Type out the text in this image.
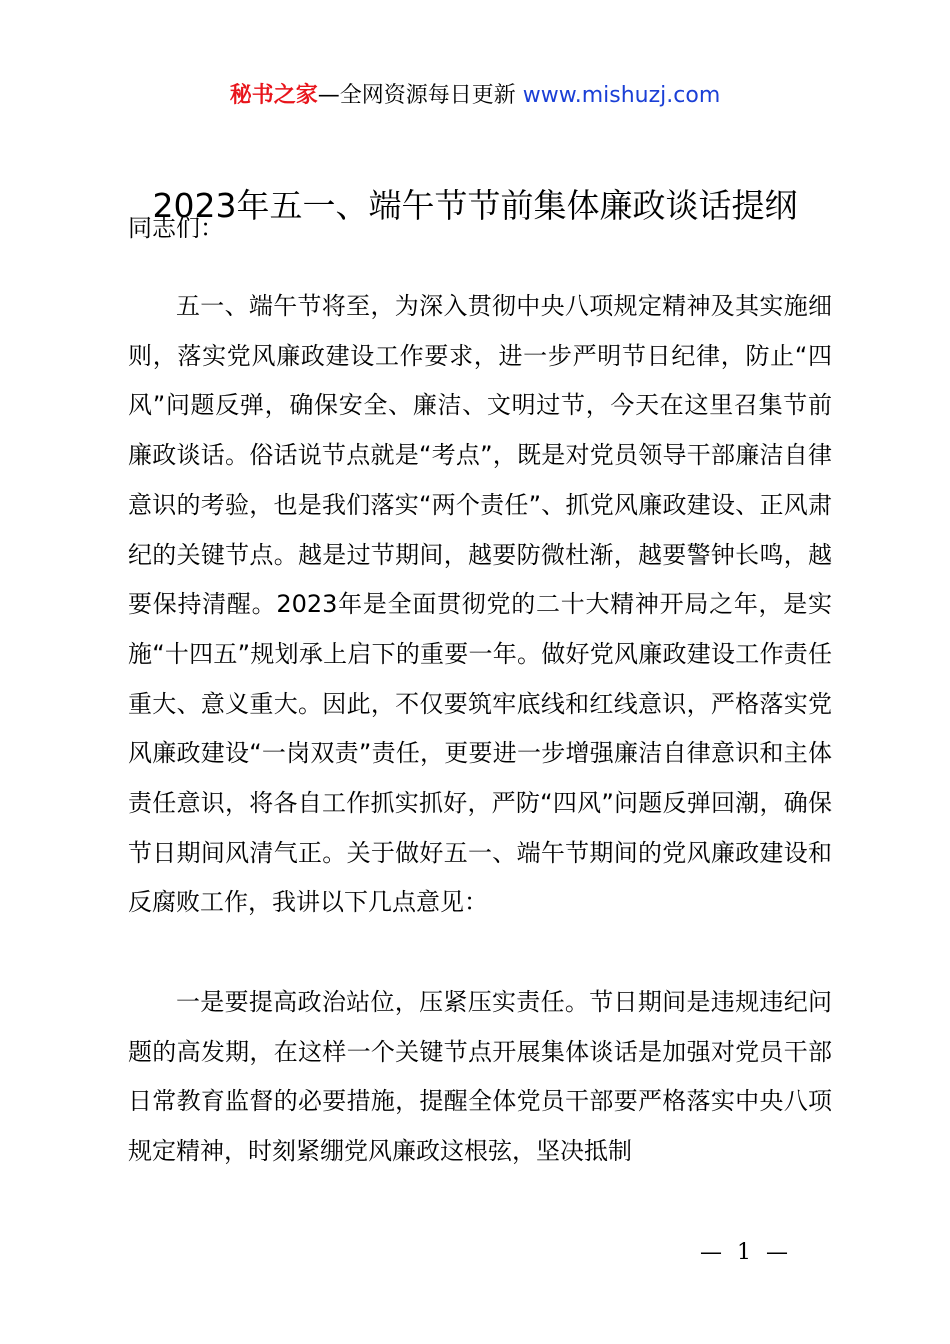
秘书之家—全网资源每日更新 www.mishuzj.com
2023年五一、端午节节前集体廉政谈话提纲
同志们：

五一、端午节将至，为深入贯彻中央八项规定精神及其实施细则，落实党风廉政建设工作要求，进一步严明节日纪律，防止“四风”问题反弹，确保安全、廉洁、文明过节，今天在这里召集节前廉政谈话。俗话说节点就是“考点”，既是对党员领导干部廉洁自律意识的考验，也是我们落实“两个责任”、抓党风廉政建设、正风肃纪的关键节点。越是过节期间，越要防微杜渐，越要警钟长鸣，越要保持清醒。2023年是全面贯彻党的二十大精神开局之年，是实施“十四五”规划承上启下的重要一年。做好党风廉政建设工作责任重大、意义重大。因此，不仅要筑牢底线和红线意识，严格落实党风廉政建设“一岗双责”责任，更要进一步增强廉洁自律意识和主体责任意识，将各自工作抓实抓好，严防“四风”问题反弹回潮，确保节日期间风清气正。关于做好五一、端午节期间的党风廉政建设和反腐败工作，我讲以下几点意见：

一是要提高政治站位，压紧压实责任。节日期间是违规违纪问题的高发期，在这样一个关键节点开展集体谈话是加强对党员干部日常教育监督的必要措施，提醒全体党员干部要严格落实中央八项规定精神，时刻紧绷党风廉政这根弦，坚决抵制

— 1 —
